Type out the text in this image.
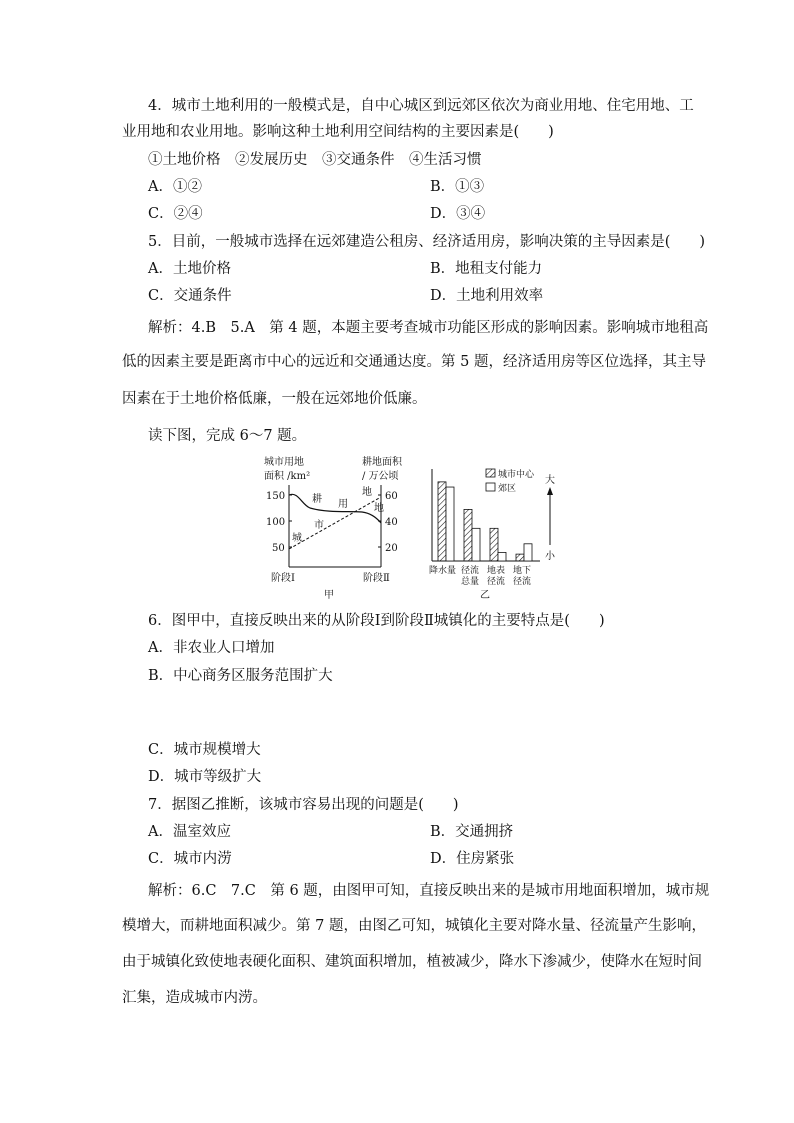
4．城市土地利用的一般模式是，自中心城区到远郊区依次为商业用地、住宅用地、工
业用地和农业用地。影响这种土地利用空间结构的主要因素是(　　)
①土地价格　②发展历史　③交通条件　④生活习惯
A．①②	B．①③
C．②④	D．③④
5．目前，一般城市选择在远郊建造公租房、经济适用房，影响决策的主导因素是(　　)
A．土地价格	B．地租支付能力
C．交通条件	D．土地利用效率
解析：4.B　5.A　第 4 题，本题主要考查城市功能区形成的影响因素。影响城市地租高
低的因素主要是距离市中心的远近和交通通达度。第 5 题，经济适用房等区位选择，其主导
因素在于土地价格低廉，一般在远郊地价低廉。
读下图，完成 6～7 题。
城市用地
面积 /km²
耕地面积
/ 万公顷
150
100
50
60
40
20
耕 用
地
地
市
城
阶段Ⅰ	阶段Ⅱ
甲
城市中心
郊区
大
小
降水量 径流
总量
地表
径流
地下
径流
乙
6．图甲中，直接反映出来的从阶段Ⅰ到阶段Ⅱ城镇化的主要特点是(　　)
A．非农业人口增加
B．中心商务区服务范围扩大
C．城市规模增大
D．城市等级扩大
7．据图乙推断，该城市容易出现的问题是(　　)
A．温室效应	B．交通拥挤
C．城市内涝	D．住房紧张
解析：6.C　7.C　第 6 题，由图甲可知，直接反映出来的是城市用地面积增加，城市规
模增大，而耕地面积减少。第 7 题，由图乙可知，城镇化主要对降水量、径流量产生影响，
由于城镇化致使地表硬化面积、建筑面积增加，植被减少，降水下渗减少，使降水在短时间
汇集，造成城市内涝。
